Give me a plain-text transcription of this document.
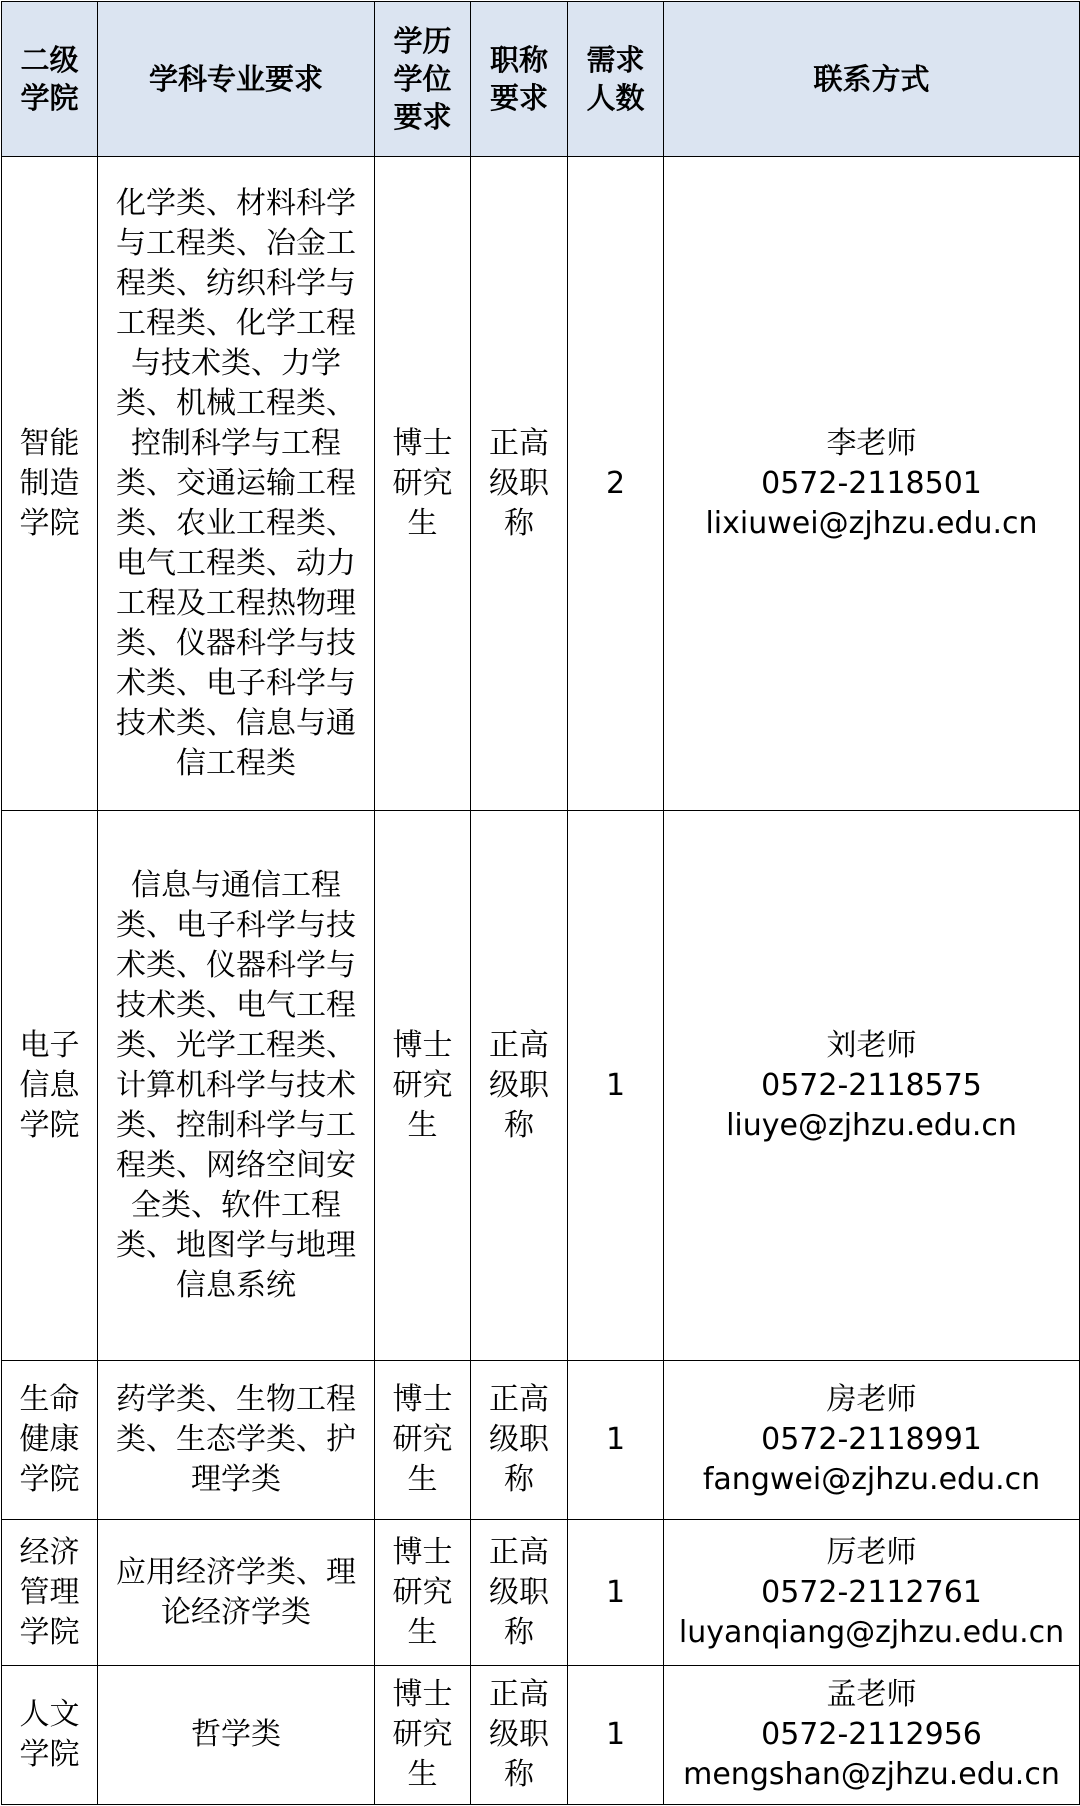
二级学院	学科专业要求	学历学位要求	职称要求	需求人数	联系方式
智能制造学院	化学类、材料科学与工程类、冶金工程类、纺织科学与工程类、化学工程与技术类、力学类、机械工程类、控制科学与工程类、交通运输工程类、农业工程类、电气工程类、动力工程及工程热物理类、仪器科学与技术类、电子科学与技术类、信息与通信工程类	博士研究生	正高级职称	2	李老师
0572-2118501
lixiuwei@zjhzu.edu.cn

电子信息学院	信息与通信工程类、电子科学与技术类、仪器科学与技术类、电气工程类、光学工程类、计算机科学与技术类、控制科学与工程类、网络空间安全类、软件工程类、地图学与地理信息系统	博士研究生	正高级职称	1	刘老师
0572-2118575
liuye@zjhzu.edu.cn

生命健康学院	药学类、生物工程类、生态学类、护理学类	博士研究生	正高级职称	1	房老师
0572-2118991
fangwei@zjhzu.edu.cn

经济管理学院	应用经济学类、理论经济学类	博士研究生	正高级职称	1	厉老师
0572-2112761
luyanqiang@zjhzu.edu.cn

人文学院	哲学类	博士研究生	正高级职称	1	孟老师
0572-2112956
mengshan@zjhzu.edu.cn
